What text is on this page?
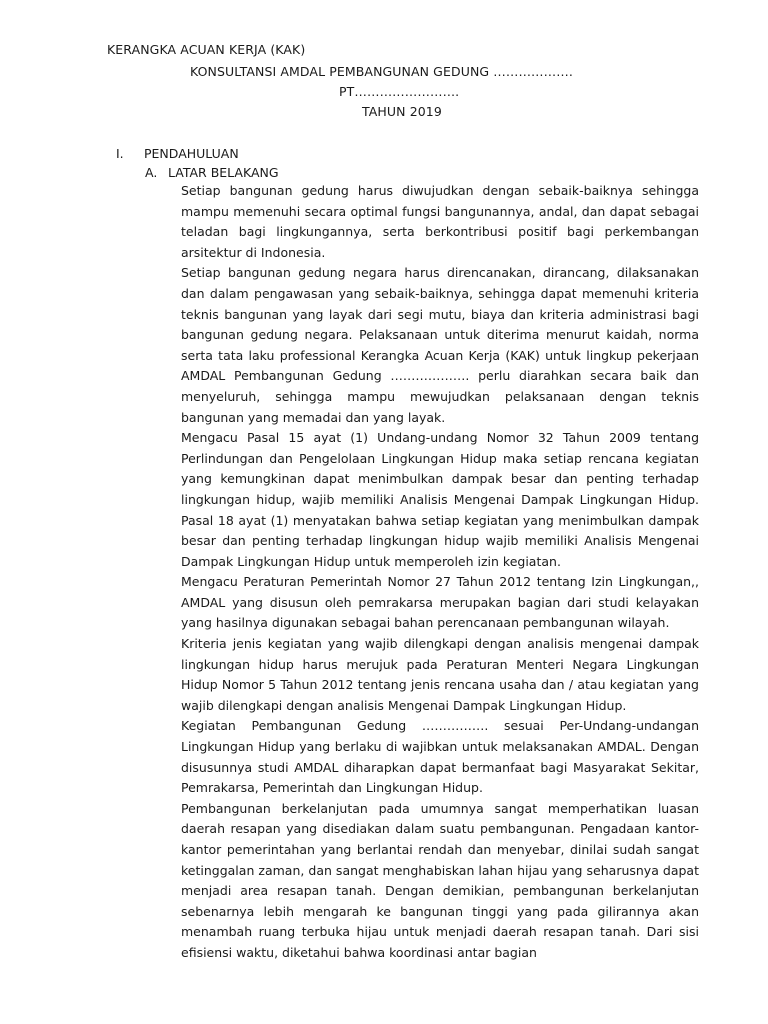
KERANGKA ACUAN KERJA (KAK)
KONSULTANSI AMDAL PEMBANGUNAN GEDUNG ……………….
PT…………………….
TAHUN 2019
I. PENDAHULUAN
A. LATAR BELAKANG

Setiap bangunan gedung harus diwujudkan dengan sebaik-baiknya sehingga mampu memenuhi secara optimal fungsi bangunannya, andal, dan dapat sebagai teladan bagi lingkungannya, serta berkontribusi positif bagi perkembangan arsitektur di Indonesia.

Setiap bangunan gedung negara harus direncanakan, dirancang, dilaksanakan dan dalam pengawasan yang sebaik-baiknya, sehingga dapat memenuhi kriteria teknis bangunan yang layak dari segi mutu, biaya dan kriteria administrasi bagi bangunan gedung negara. Pelaksanaan untuk diterima menurut kaidah, norma serta tata laku professional Kerangka Acuan Kerja (KAK) untuk lingkup pekerjaan AMDAL Pembangunan Gedung ………………. perlu diarahkan secara baik dan menyeluruh, sehingga mampu mewujudkan pelaksanaan dengan teknis bangunan yang memadai dan yang layak.

Mengacu Pasal 15 ayat (1) Undang-undang Nomor 32 Tahun 2009 tentang Perlindungan dan Pengelolaan Lingkungan Hidup maka setiap rencana kegiatan yang kemungkinan dapat menimbulkan dampak besar dan penting terhadap lingkungan hidup, wajib memiliki Analisis Mengenai Dampak Lingkungan Hidup. Pasal 18 ayat (1) menyatakan bahwa setiap kegiatan yang menimbulkan dampak besar dan penting terhadap lingkungan hidup wajib memiliki Analisis Mengenai Dampak Lingkungan Hidup untuk memperoleh izin kegiatan.

Mengacu Peraturan Pemerintah Nomor 27 Tahun 2012 tentang Izin Lingkungan,, AMDAL yang disusun oleh pemrakarsa merupakan bagian dari studi kelayakan yang hasilnya digunakan sebagai bahan perencanaan pembangunan wilayah.

Kriteria jenis kegiatan yang wajib dilengkapi dengan analisis mengenai dampak lingkungan hidup harus merujuk pada Peraturan Menteri Negara Lingkungan Hidup Nomor 5 Tahun 2012 tentang jenis rencana usaha dan / atau kegiatan yang wajib dilengkapi dengan analisis Mengenai Dampak Lingkungan Hidup.

Kegiatan Pembangunan Gedung ……………. sesuai Per-Undang-undangan Lingkungan Hidup yang berlaku di wajibkan untuk melaksanakan AMDAL. Dengan disusunnya studi AMDAL diharapkan dapat bermanfaat bagi Masyarakat Sekitar, Pemrakarsa, Pemerintah dan Lingkungan Hidup.

Pembangunan berkelanjutan pada umumnya sangat memperhatikan luasan daerah resapan yang disediakan dalam suatu pembangunan. Pengadaan kantor-kantor pemerintahan yang berlantai rendah dan menyebar, dinilai sudah sangat ketinggalan zaman, dan sangat menghabiskan lahan hijau yang seharusnya dapat menjadi area resapan tanah. Dengan demikian, pembangunan berkelanjutan sebenarnya lebih mengarah ke bangunan tinggi yang pada gilirannya akan menambah ruang terbuka hijau untuk menjadi daerah resapan tanah. Dari sisi efisiensi waktu, diketahui bahwa koordinasi antar bagian
